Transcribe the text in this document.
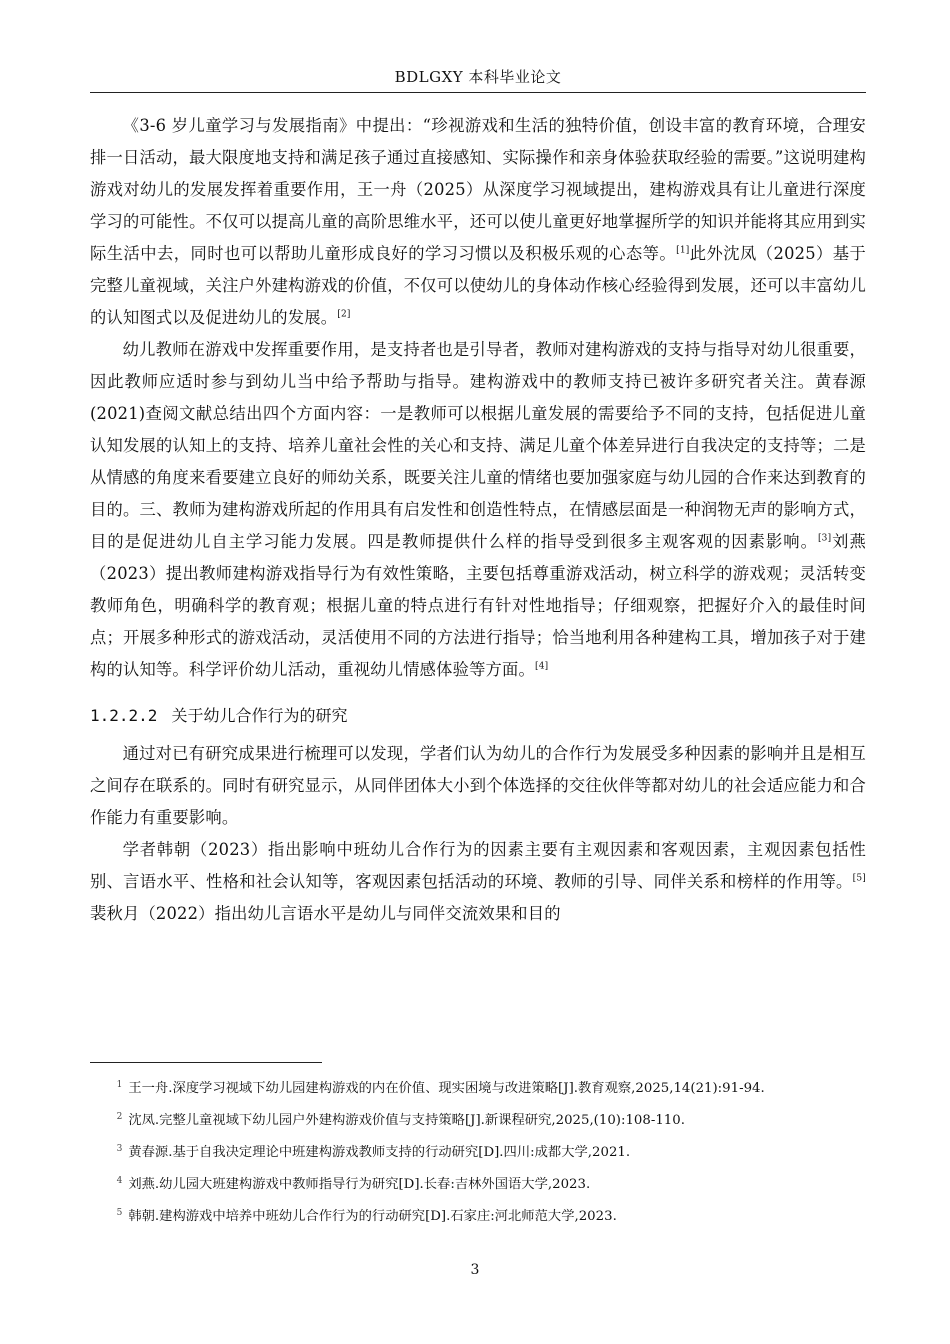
BDLGXY 本科毕业论文

《3-6 岁儿童学习与发展指南》中提出：“珍视游戏和生活的独特价值，创设丰富的教育环境，合理安排一日活动，最大限度地支持和满足孩子通过直接感知、实际操作和亲身体验获取经验的需要。”这说明建构游戏对幼儿的发展发挥着重要作用，王一舟（2025）从深度学习视域提出，建构游戏具有让儿童进行深度学习的可能性。不仅可以提高儿童的高阶思维水平，还可以使儿童更好地掌握所学的知识并能将其应用到实际生活中去，同时也可以帮助儿童形成良好的学习习惯以及积极乐观的心态等。[1]此外沈凤（2025）基于完整儿童视域，关注户外建构游戏的价值，不仅可以使幼儿的身体动作核心经验得到发展，还可以丰富幼儿的认知图式以及促进幼儿的发展。[2]

幼儿教师在游戏中发挥重要作用，是支持者也是引导者，教师对建构游戏的支持与指导对幼儿很重要，因此教师应适时参与到幼儿当中给予帮助与指导。建构游戏中的教师支持已被许多研究者关注。黄春源(2021)查阅文献总结出四个方面内容：一是教师可以根据儿童发展的需要给予不同的支持，包括促进儿童认知发展的认知上的支持、培养儿童社会性的关心和支持、满足儿童个体差异进行自我决定的支持等；二是从情感的角度来看要建立良好的师幼关系，既要关注儿童的情绪也要加强家庭与幼儿园的合作来达到教育的目的。三、教师为建构游戏所起的作用具有启发性和创造性特点，在情感层面是一种润物无声的影响方式，目的是促进幼儿自主学习能力发展。四是教师提供什么样的指导受到很多主观客观的因素影响。[3]刘燕（2023）提出教师建构游戏指导行为有效性策略，主要包括尊重游戏活动，树立科学的游戏观；灵活转变教师角色，明确科学的教育观；根据儿童的特点进行有针对性地指导；仔细观察，把握好介入的最佳时间点；开展多种形式的游戏活动，灵活使用不同的方法进行指导；恰当地利用各种建构工具，增加孩子对于建构的认知等。科学评价幼儿活动，重视幼儿情感体验等方面。[4]

1.2.2.2 关于幼儿合作行为的研究

通过对已有研究成果进行梳理可以发现，学者们认为幼儿的合作行为发展受多种因素的影响并且是相互之间存在联系的。同时有研究显示，从同伴团体大小到个体选择的交往伙伴等都对幼儿的社会适应能力和合作能力有重要影响。

学者韩朝（2023）指出影响中班幼儿合作行为的因素主要有主观因素和客观因素，主观因素包括性别、言语水平、性格和社会认知等，客观因素包括活动的环境、教师的引导、同伴关系和榜样的作用等。[5]裴秋月（2022）指出幼儿言语水平是幼儿与同伴交流效果和目的

$^1$ 王一舟.深度学习视域下幼儿园建构游戏的内在价值、现实困境与改进策略[J].教育观察,2025,14(21):91-94.

$^2$ 沈凤.完整儿童视域下幼儿园户外建构游戏价值与支持策略[J].新课程研究,2025,(10):108-110.

$^3$ 黄春源.基于自我决定理论中班建构游戏教师支持的行动研究[D].四川:成都大学,2021.

$^4$ 刘燕.幼儿园大班建构游戏中教师指导行为研究[D].长春:吉林外国语大学,2023.

$^5$ 韩朝.建构游戏中培养中班幼儿合作行为的行动研究[D].石家庄:河北师范大学,2023.

3
